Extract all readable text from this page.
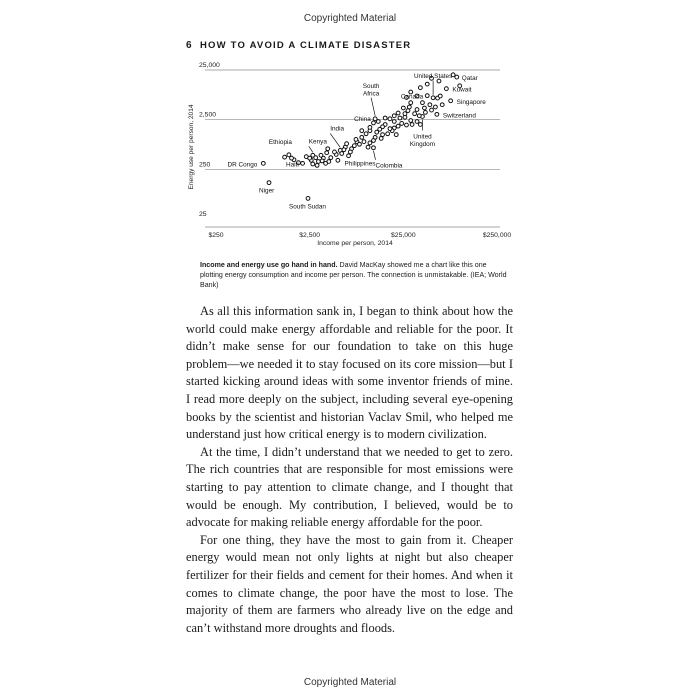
Copyrighted Material
6 HOW TO AVOID A CLIMATE DISASTER
$250	$2,500	$25,000	$250,000
25
250
2,500
25,000
Qatar
Kuwait
Singapore
Switzerland
United States
Canada
United Kingdom
South Africa
China
India
Colombia
Philippines
Kenya
Ethiopia
Haiti
DR Congo
Niger
South Sudan
Income per person, 2014
Energy use per person, 2014
Income and energy use go hand in hand. David MacKay showed me a chart like this one plotting energy consumption and income per person. The connection is unmistakable. (IEA; World Bank)

As all this information sank in, I began to think about how the world could make energy affordable and reliable for the poor. It didn’t make sense for our foundation to take on this huge problem—we needed it to stay focused on its core mission—but I started kicking around ideas with some inventor friends of mine. I read more deeply on the subject, including several eye-opening books by the scientist and historian Vaclav Smil, who helped me understand just how critical energy is to modern civilization.

At the time, I didn’t understand that we needed to get to zero. The rich countries that are responsible for most emissions were starting to pay attention to climate change, and I thought that would be enough. My contribution, I believed, would be to advocate for making reliable energy affordable for the poor.

For one thing, they have the most to gain from it. Cheaper energy would mean not only lights at night but also cheaper fertilizer for their fields and cement for their homes. And when it comes to climate change, the poor have the most to lose. The majority of them are farmers who already live on the edge and can’t withstand more droughts and floods.

Copyrighted Material
